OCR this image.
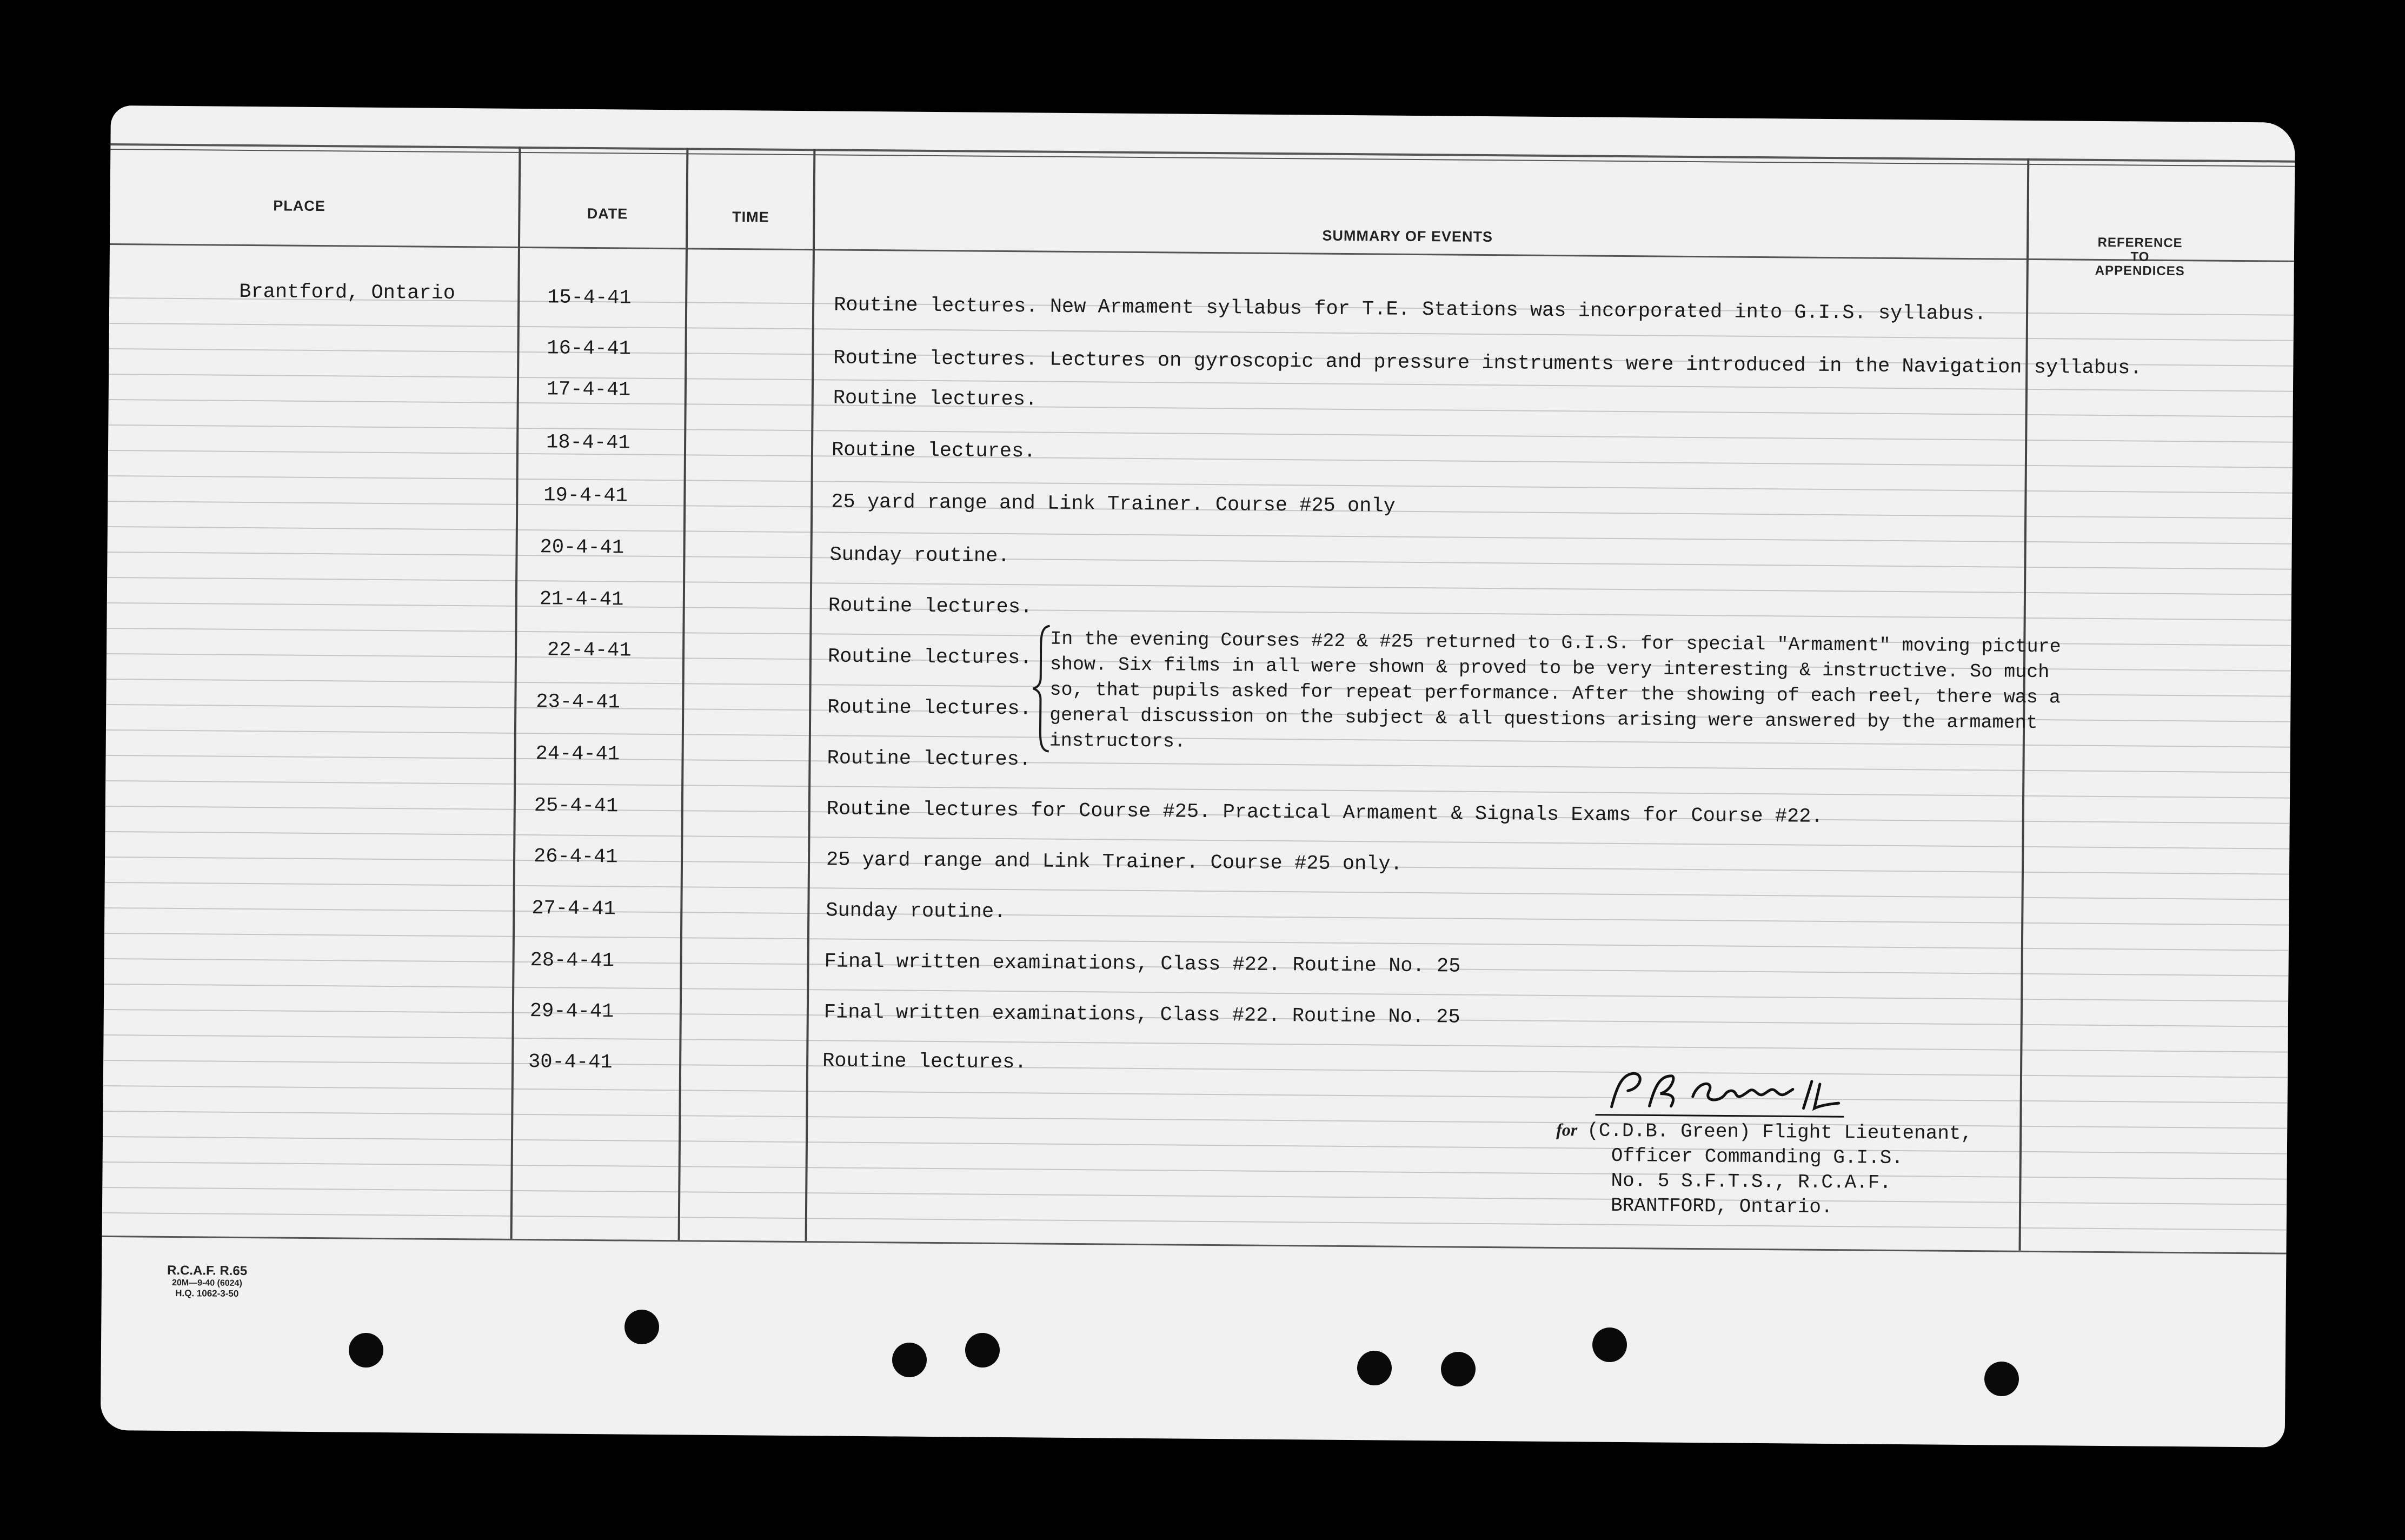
PLACE	DATE	TIME
SUMMARY OF EVENTS	REFERENCE
TO
APPENDICES
Brantford, Ontario	15-4-41	Routine lectures. New Armament syllabus for T.E. Stations was incorporated into G.I.S. syllabus.
16-4-41	Routine lectures. Lectures on gyroscopic and pressure instruments were introduced in the Navigation syllabus.
17-4-41	Routine lectures.
18-4-41	Routine lectures.
19-4-41	25 yard range and Link Trainer. Course #25 only
20-4-41	Sunday routine.
21-4-41	Routine lectures.
22-4-41	Routine lectures.
23-4-41	Routine lectures.
24-4-41	Routine lectures.
25-4-41	Routine lectures for Course #25. Practical Armament & Signals Exams for Course #22.
26-4-41	25 yard range and Link Trainer. Course #25 only.
27-4-41	Sunday routine.
28-4-41	Final written examinations, Class #22. Routine No. 25
29-4-41	Final written examinations, Class #22. Routine No. 25
30-4-41	Routine lectures.
In the evening Courses #22 & #25 returned to G.I.S. for special "Armament" moving picture
show. Six films in all were shown & proved to be very interesting & instructive. So much
so, that pupils asked for repeat performance. After the showing of each reel, there was a
general discussion on the subject & all questions arising were answered by the armament
instructors.
for (C.D.B. Green) Flight Lieutenant,
Officer Commanding G.I.S.
No. 5 S.F.T.S., R.C.A.F.
BRANTFORD, Ontario.
R.C.A.F. R.65
20M—9-40 (6024)
H.Q. 1062-3-50
